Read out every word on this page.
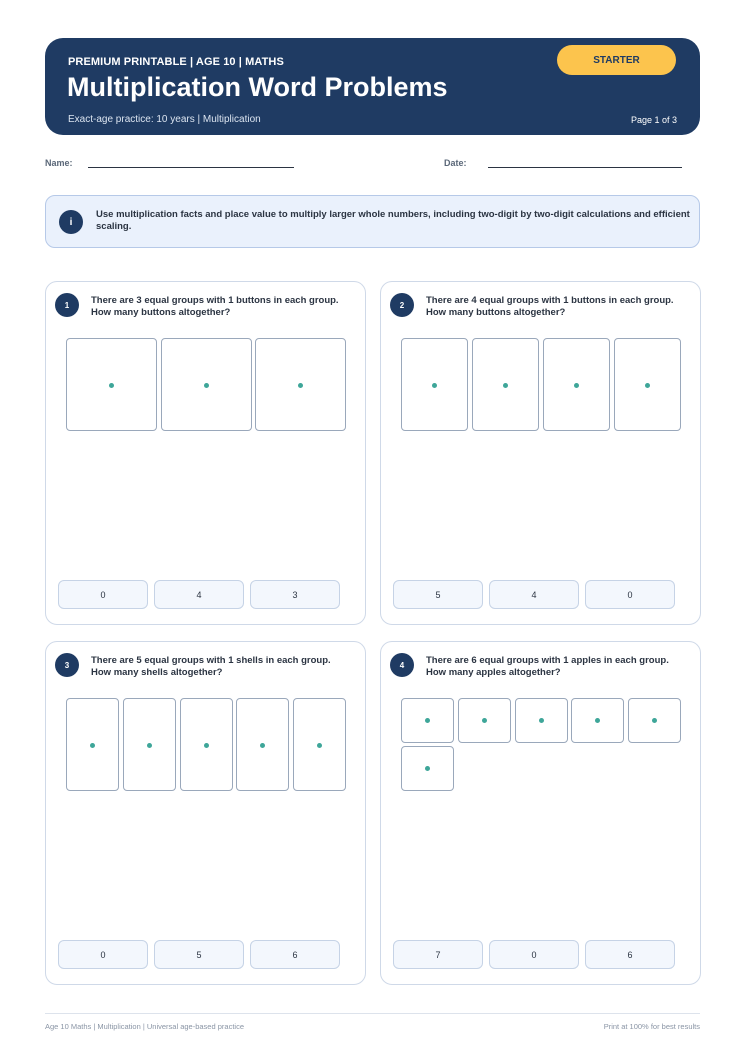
PREMIUM PRINTABLE | AGE 10 | MATHS
Multiplication Word Problems
Exact-age practice: 10 years | Multiplication	Page 1 of 3
STARTER
Name:	Date:
i
Use multiplication facts and place value to multiply larger whole numbers, including two-digit by two-digit calculations and efficient scaling.
1	There are 3 equal groups with 1 buttons in each group. How many buttons altogether?
0	4	3
2	There are 4 equal groups with 1 buttons in each group. How many buttons altogether?
5	4	0
3	There are 5 equal groups with 1 shells in each group. How many shells altogether?
0	5	6
4	There are 6 equal groups with 1 apples in each group. How many apples altogether?
7	0	6
Age 10 Maths | Multiplication | Universal age-based practice	Print at 100% for best results
